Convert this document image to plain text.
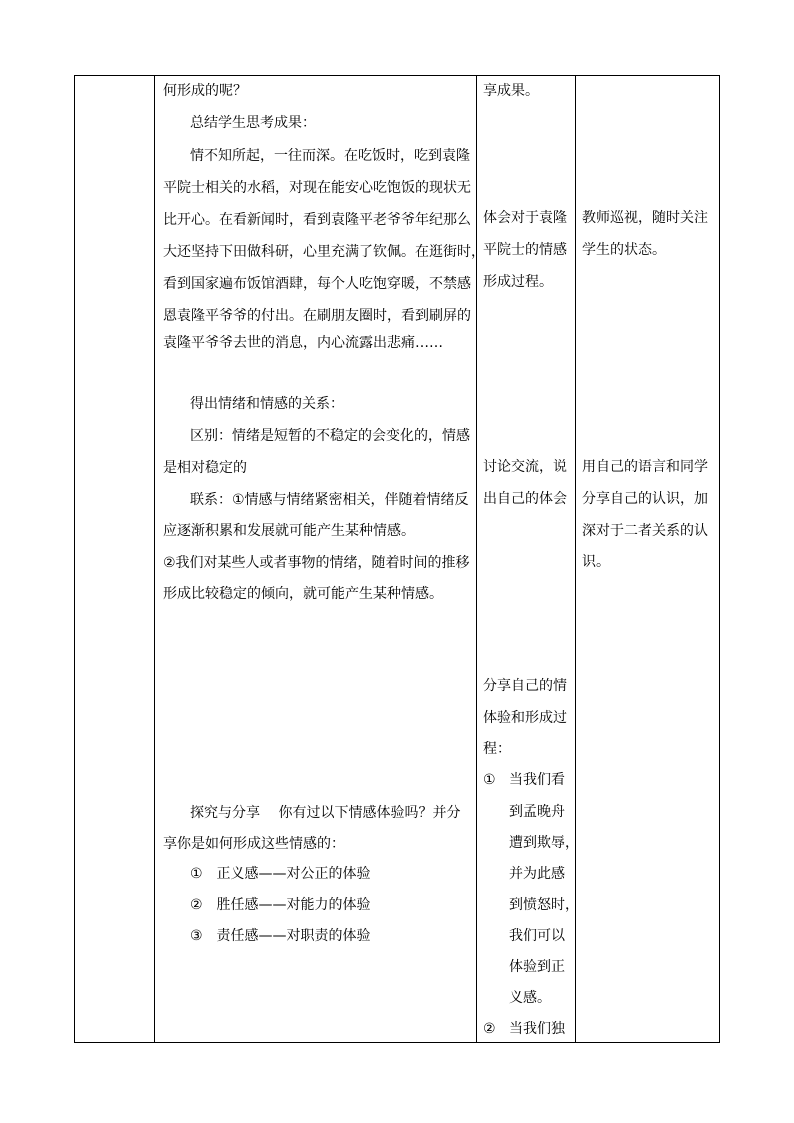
何形成的呢？
总结学生思考成果：
情不知所起，一往而深。在吃饭时，吃到袁隆
平院士相关的水稻，对现在能安心吃饱饭的现状无
比开心。在看新闻时，看到袁隆平老爷爷年纪那么
大还坚持下田做科研，心里充满了钦佩。在逛街时，
看到国家遍布饭馆酒肆，每个人吃饱穿暖，不禁感
恩袁隆平爷爷的付出。在刷朋友圈时，看到刷屏的
袁隆平爷爷去世的消息，内心流露出悲痛……
得出情绪和情感的关系：
区别：情绪是短暂的不稳定的会变化的，情感
是相对稳定的
联系：①情感与情绪紧密相关，伴随着情绪反
应逐渐积累和发展就可能产生某种情感。
②我们对某些人或者事物的情绪，随着时间的推移
形成比较稳定的倾向，就可能产生某种情感。
探究与分享　 你有过以下情感体验吗？并分
享你是如何形成这些情感的：
①　正义感——对公正的体验
②　胜任感——对能力的体验
③　责任感——对职责的体验
享成果。
体会对于袁隆
平院士的情感
形成过程。
讨论交流，说
出自己的体会
分享自己的情
体验和形成过
程：
① 当我们看
到孟晚舟
遭到欺辱，
并为此感
到愤怒时，
我们可以
体验到正
义感。
② 当我们独
教师巡视，随时关注
学生的状态。
用自己的语言和同学
分享自己的认识，加
深对于二者关系的认
识。
